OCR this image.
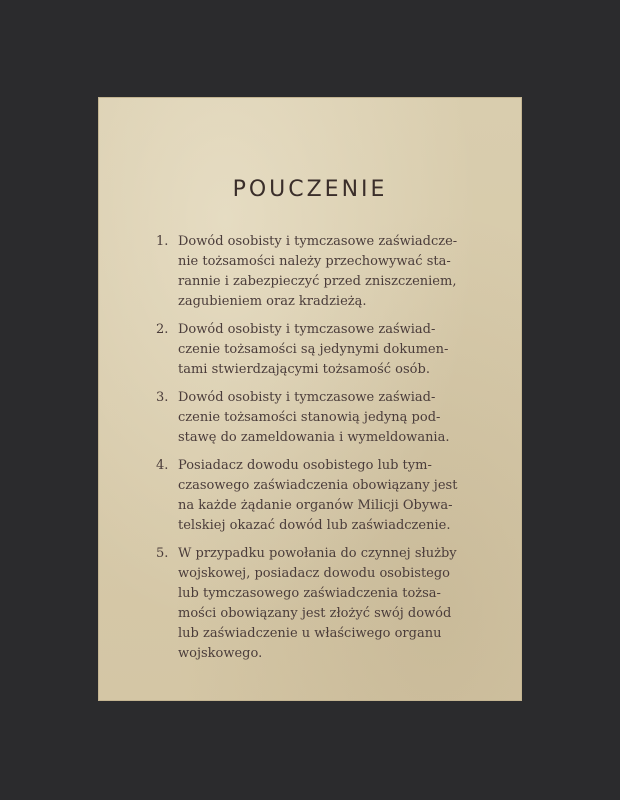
POUCZENIE
1. Dowód osobisty i tymczasowe zaświadcze-
nie tożsamości należy przechowywać sta-
rannie i zabezpieczyć przed zniszczeniem,
zagubieniem oraz kradzieżą.
2. Dowód osobisty i tymczasowe zaświad-
czenie tożsamości są jedynymi dokumen-
tami stwierdzającymi tożsamość osób.
3. Dowód osobisty i tymczasowe zaświad-
czenie tożsamości stanowią jedyną pod-
stawę do zameldowania i wymeldowania.
4. Posiadacz dowodu osobistego lub tym-
czasowego zaświadczenia obowiązany jest
na każde żądanie organów Milicji Obywa-
telskiej okazać dowód lub zaświadczenie.
5. W przypadku powołania do czynnej służby
wojskowej, posiadacz dowodu osobistego
lub tymczasowego zaświadczenia tożsa-
mości obowiązany jest złożyć swój dowód
lub zaświadczenie u właściwego organu
wojskowego.
